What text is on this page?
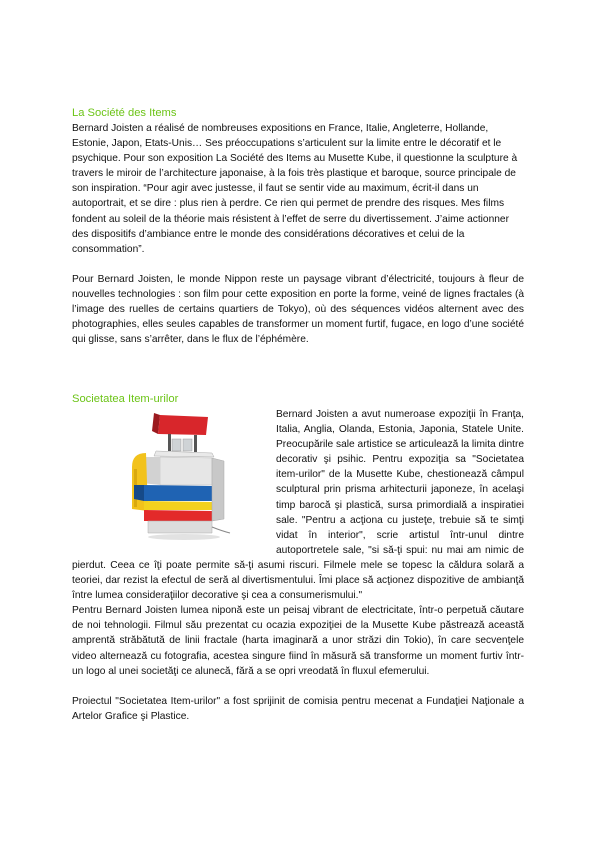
La Société des Items

Bernard Joisten a réalisé de nombreuses expositions en France, Italie, Angleterre, Hollande, Estonie, Japon, Etats-Unis… Ses préoccupations s’articulent sur la limite entre le décoratif et le psychique. Pour son exposition La Société des Items au Musette Kube, il questionne la sculpture à travers le miroir de l’architecture japonaise, à la fois très plastique et baroque, source principale de son inspiration. “Pour agir avec justesse, il faut se sentir vide au maximum, écrit-il dans un autoportrait, et se dire : plus rien à perdre. Ce rien qui permet de prendre des risques. Mes films fondent au soleil de la théorie mais résistent à l’effet de serre du divertissement. J’aime actionner des dispositifs d’ambiance entre le monde des considérations décoratives et celui de la consommation”.

Pour Bernard Joisten, le monde Nippon reste un paysage vibrant d’électricité, toujours à fleur de nouvelles technologies : son film pour cette exposition en porte la forme, veiné de lignes fractales (à l’image des ruelles de certains quartiers de Tokyo), où des séquences vidéos alternent avec des photographies, elles seules capables de transformer un moment furtif, fugace, en logo d’une société qui glisse, sans s’arrêter, dans le flux de l’éphémère.

Societatea Item-urilor

Bernard Joisten a avut numeroase expoziţii în Franţa, Italia, Anglia, Olanda, Estonia, Japonia, Statele Unite. Preocupările sale artistice se articulează la limita dintre decorativ şi psihic. Pentru expoziţia sa "Societatea item-urilor" de la Musette Kube, chestionează câmpul sculptural prin prisma arhitecturii japoneze, în acelaşi timp barocă şi plastică, sursa primordială a inspiratiei sale. "Pentru a acţiona cu justeţe, trebuie să te simţi vidat în interior", scrie artistul într-unul dintre autoportretele sale, "si să-ţi spui: nu mai am nimic de pierdut. Ceea ce îţi poate permite să-ţi asumi riscuri. Filmele mele se topesc la căldura solară a teoriei, dar rezist la efectul de seră al divertismentului. Îmi place să acţionez dispozitive de ambianţă între lumea consideraţiilor decorative şi cea a consumerismului."

Pentru Bernard Joisten lumea niponă este un peisaj vibrant de electricitate, într-o perpetuă căutare de noi tehnologii. Filmul său prezentat cu ocazia expoziţiei de la Musette Kube păstrează această amprentă străbătută de linii fractale (harta imaginară a unor străzi din Tokio), în care secvenţele video alternează cu fotografia, acestea singure fiind în măsură să transforme un moment furtiv într-un logo al unei societăţi ce alunecă, fără a se opri vreodată în fluxul efemerului.

Proiectul "Societatea Item-urilor" a fost sprijinit de comisia pentru mecenat a Fundaţiei Naţionale a Artelor Grafice şi Plastice.
